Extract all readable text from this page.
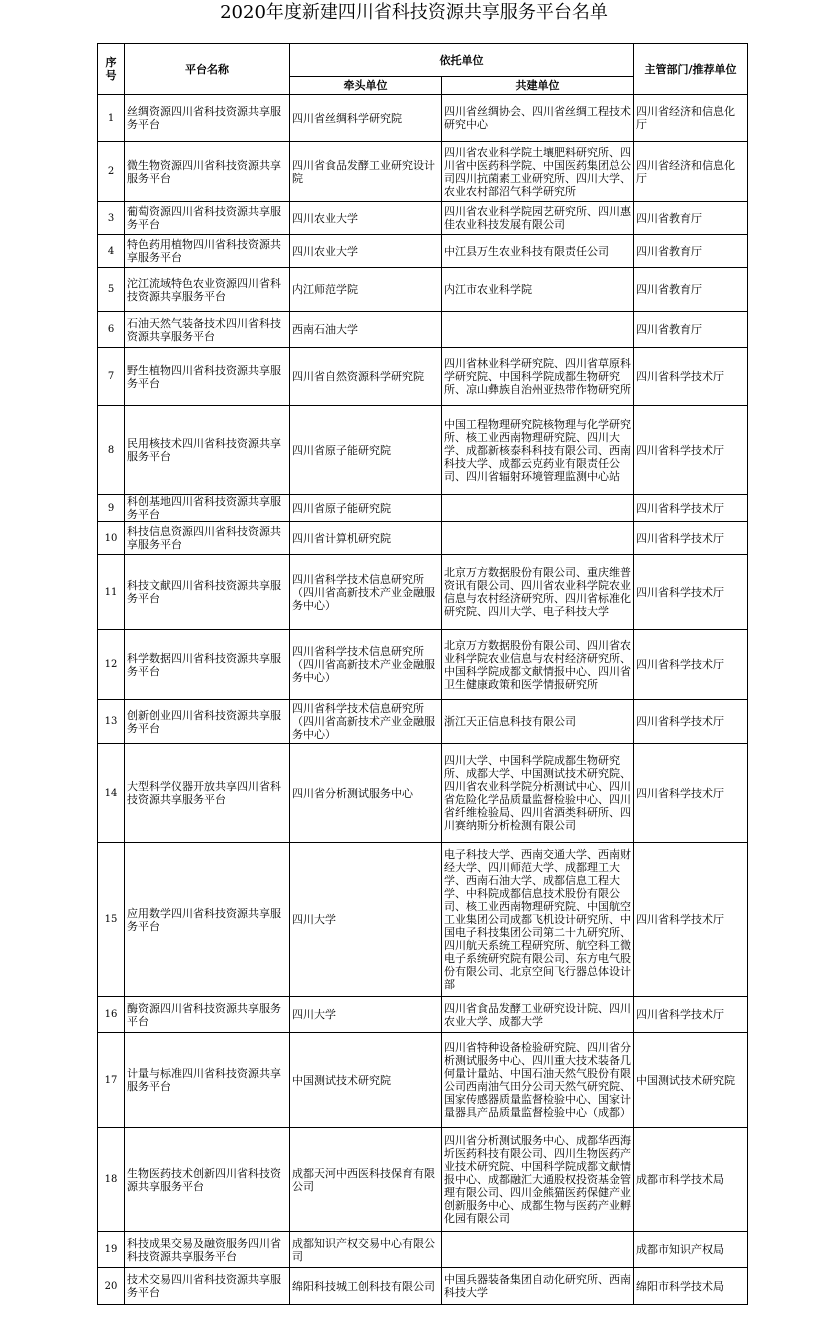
2020年度新建四川省科技资源共享服务平台名单
序
号	平台名称	依托单位		主管部门/推荐单位
		牵头单位	共建单位	
1	丝绸资源四川省科技资源共享服务平台	四川省丝绸科学研究院	四川省丝绸协会、四川省丝绸工程技术研究中心	四川省经济和信息化厅
2	微生物资源四川省科技资源共享服务平台	四川省食品发酵工业研究设计院	四川省农业科学院土壤肥料研究所、四川省中医药科学院、中国医药集团总公司四川抗菌素工业研究所、四川大学、农业农村部沼气科学研究所	四川省经济和信息化厅
3	葡萄资源四川省科技资源共享服务平台	四川农业大学	四川省农业科学院园艺研究所、四川惠佳农业科技发展有限公司	四川省教育厅
4	特色药用植物四川省科技资源共享服务平台	四川农业大学	中江县万生农业科技有限责任公司	四川省教育厅
5	沱江流域特色农业资源四川省科技资源共享服务平台	内江师范学院	内江市农业科学院	四川省教育厅
6	石油天然气装备技术四川省科技资源共享服务平台	西南石油大学		四川省教育厅
7	野生植物四川省科技资源共享服务平台	四川省自然资源科学研究院	四川省林业科学研究院、四川省草原科学研究院、中国科学院成都生物研究所、凉山彝族自治州亚热带作物研究所	四川省科学技术厅
8	民用核技术四川省科技资源共享服务平台	四川省原子能研究院	中国工程物理研究院核物理与化学研究所、核工业西南物理研究院、四川大学、成都新核泰科科技有限公司、西南科技大学、成都云克药业有限责任公司、四川省辐射环境管理监测中心站	四川省科学技术厅
9	科创基地四川省科技资源共享服务平台	四川省原子能研究院		四川省科学技术厅
10	科技信息资源四川省科技资源共享服务平台	四川省计算机研究院		四川省科学技术厅
11	科技文献四川省科技资源共享服务平台	四川省科学技术信息研究所（四川省高新技术产业金融服务中心）	北京万方数据股份有限公司、重庆维普资讯有限公司、四川省农业科学院农业信息与农村经济研究所、四川省标准化研究院、四川大学、电子科技大学	四川省科学技术厅
12	科学数据四川省科技资源共享服务平台	四川省科学技术信息研究所（四川省高新技术产业金融服务中心）	北京万方数据股份有限公司、四川省农业科学院农业信息与农村经济研究所、中国科学院成都文献情报中心、四川省卫生健康政策和医学情报研究所	四川省科学技术厅
13	创新创业四川省科技资源共享服务平台	四川省科学技术信息研究所（四川省高新技术产业金融服务中心）	浙江天正信息科技有限公司	四川省科学技术厅
14	大型科学仪器开放共享四川省科技资源共享服务平台	四川省分析测试服务中心	四川大学、中国科学院成都生物研究所、成都大学、中国测试技术研究院、四川省农业科学院分析测试中心、四川省危险化学品质量监督检验中心、四川省纤维检验局、四川省酒类科研所、四川赛纳斯分析检测有限公司	四川省科学技术厅
15	应用数学四川省科技资源共享服务平台	四川大学	电子科技大学、西南交通大学、西南财经大学、四川师范大学、成都理工大学、西南石油大学、成都信息工程大学、中科院成都信息技术股份有限公司、核工业西南物理研究院、中国航空工业集团公司成都飞机设计研究所、中国电子科技集团公司第二十九研究所、四川航天系统工程研究所、航空科工微电子系统研究院有限公司、东方电气股份有限公司、北京空间飞行器总体设计部	四川省科学技术厅
16	酶资源四川省科技资源共享服务平台	四川大学	四川省食品发酵工业研究设计院、四川农业大学、成都大学	四川省科学技术厅
17	计量与标准四川省科技资源共享服务平台	中国测试技术研究院	四川省特种设备检验研究院、四川省分析测试服务中心、四川重大技术装备几何量计量站、中国石油天然气股份有限公司西南油气田分公司天然气研究院、国家传感器质量监督检验中心、国家计量器具产品质量监督检验中心（成都）	中国测试技术研究院
18	生物医药技术创新四川省科技资源共享服务平台	成都天河中西医科技保育有限公司	四川省分析测试服务中心、成都华西海圻医药科技有限公司、四川生物医药产业技术研究院、中国科学院成都文献情报中心、成都融汇大通股权投资基金管理有限公司、四川金熊猫医药保健产业创新服务中心、成都生物与医药产业孵化园有限公司	成都市科学技术局
19	科技成果交易及融资服务四川省科技资源共享服务平台	成都知识产权交易中心有限公司		成都市知识产权局
20	技术交易四川省科技资源共享服务平台	绵阳科技城工创科技有限公司	中国兵器装备集团自动化研究所、西南科技大学	绵阳市科学技术局
